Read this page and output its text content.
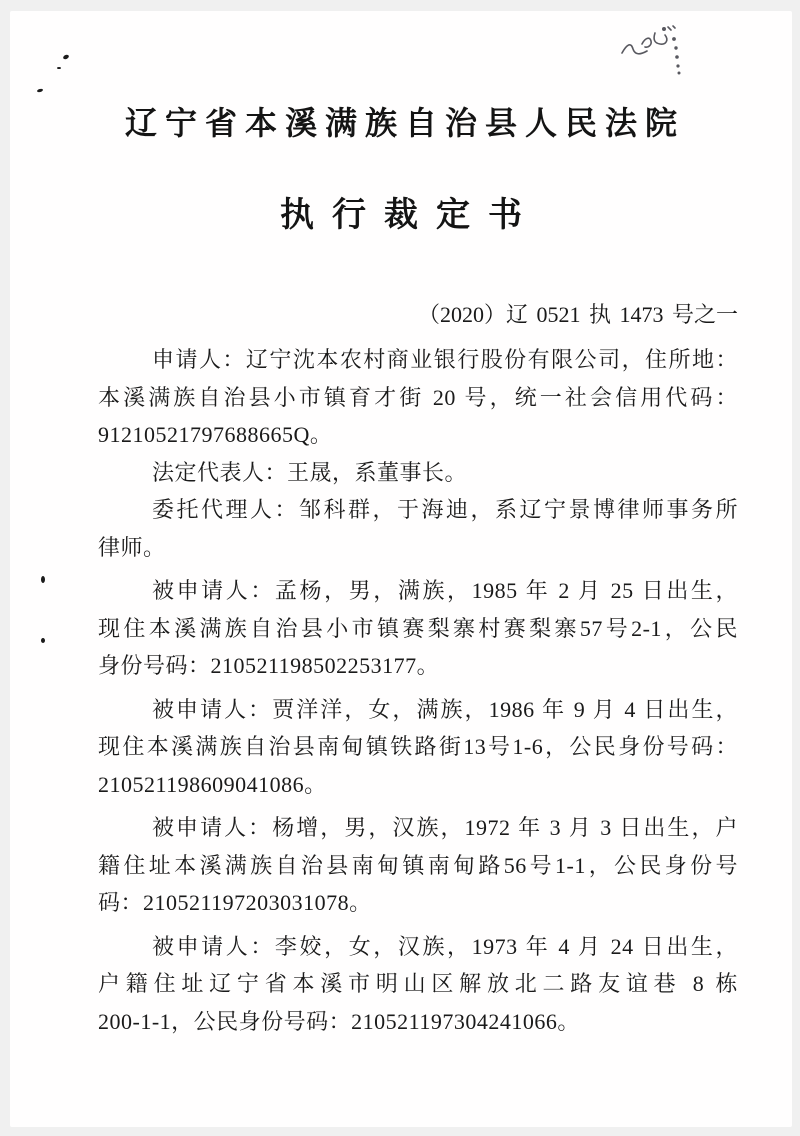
辽宁省本溪满族自治县人民法院
执行裁定书
（2020）辽 0521 执 1473 号之一
申请人：辽宁沈本农村商业银行股份有限公司，住所地：
本溪满族自治县小市镇育才街 20 号，统一社会信用代码：
91210521797688665Q。
法定代表人：王晟，系董事长。
委托代理人：邹科群，于海迪，系辽宁景博律师事务所
律师。
被申请人：孟杨，男，满族，1985 年 2 月 25 日出生，
现住本溪满族自治县小市镇赛梨寨村赛梨寨57号2-1，公民
身份号码：210521198502253177。
被申请人：贾洋洋，女，满族，1986 年 9 月 4 日出生，
现住本溪满族自治县南甸镇铁路街13号1-6，公民身份号码：
210521198609041086。
被申请人：杨增，男，汉族，1972 年 3 月 3 日出生，户
籍住址本溪满族自治县南甸镇南甸路56号1-1，公民身份号
码：210521197203031078。
被申请人：李姣，女，汉族，1973 年 4 月 24 日出生，
户籍住址辽宁省本溪市明山区解放北二路友谊巷 8 栋
200-1-1，公民身份号码：210521197304241066。
